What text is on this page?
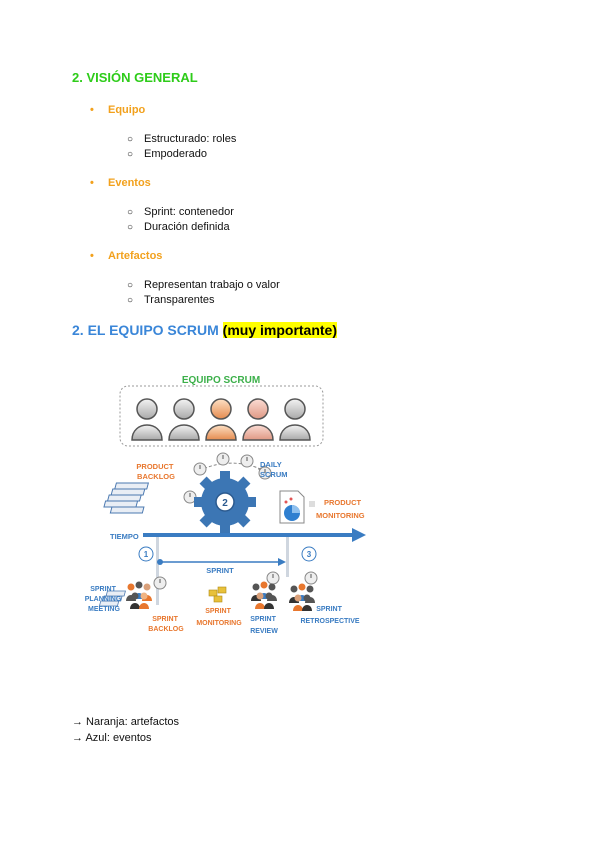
2. VISIÓN GENERAL
• Equipo
○ Estructurado: roles
○ Empoderado
• Eventos
○ Sprint: contenedor
○ Duración definida
• Artefactos
○ Representan trabajo o valor
○ Transparentes
2. EL EQUIPO SCRUM (muy importante)
EQUIPO SCRUM
PRODUCT BACKLOG
DAILY SCRUM
2	PRODUCT MONITORING
TIEMPO
1	3
SPRINT
SPRINT PLANNING MEETING
SPRINT BACKLOG
SPRINT MONITORING
SPRINT REVIEW
SPRINT RETROSPECTIVE
→ Naranja: artefactos
→ Azul: eventos
